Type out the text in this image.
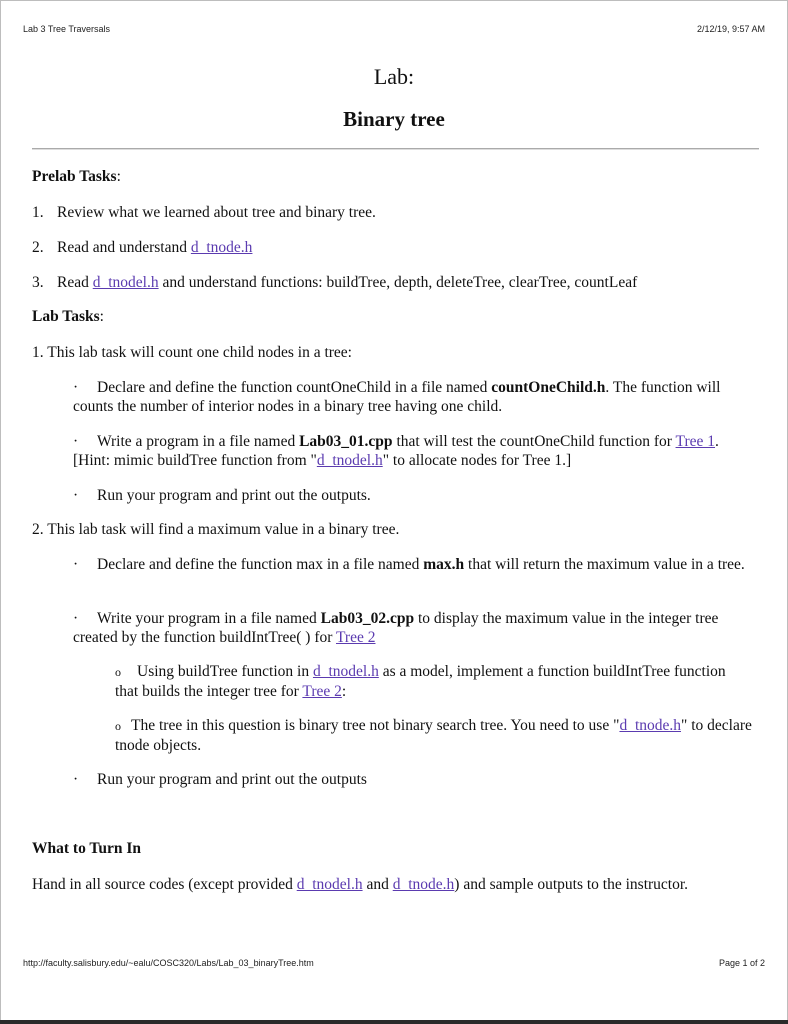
Lab 3 Tree Traversals	2/12/19, 9:57 AM
Lab:
Binary tree
Prelab Tasks:
1. Review what we learned about tree and binary tree.
2. Read and understand d_tnode.h
3. Read d_tnodel.h and understand functions: buildTree, depth, deleteTree, clearTree, countLeaf
Lab Tasks:
1. This lab task will count one child nodes in a tree:
· Declare and define the function countOneChild in a file named countOneChild.h. The function will counts the number of interior nodes in a binary tree having one child.
· Write a program in a file named Lab03_01.cpp that will test the countOneChild function for Tree 1. [Hint: mimic buildTree function from "d_tnodel.h" to allocate nodes for Tree 1.]
· Run your program and print out the outputs.
2. This lab task will find a maximum value in a binary tree.
· Declare and define the function max in a file named max.h that will return the maximum value in a tree.
· Write your program in a file named Lab03_02.cpp to display the maximum value in the integer tree created by the function buildIntTree( ) for Tree 2
o Using buildTree function in d_tnodel.h as a model, implement a function buildIntTree function that builds the integer tree for Tree 2:
o The tree in this question is binary tree not binary search tree. You need to use "d_tnode.h" to declare tnode objects.
· Run your program and print out the outputs
What to Turn In
Hand in all source codes (except provided d_tnodel.h and d_tnode.h) and sample outputs to the instructor.
http://faculty.salisbury.edu/~ealu/COSC320/Labs/Lab_03_binaryTree.htm	Page 1 of 2
